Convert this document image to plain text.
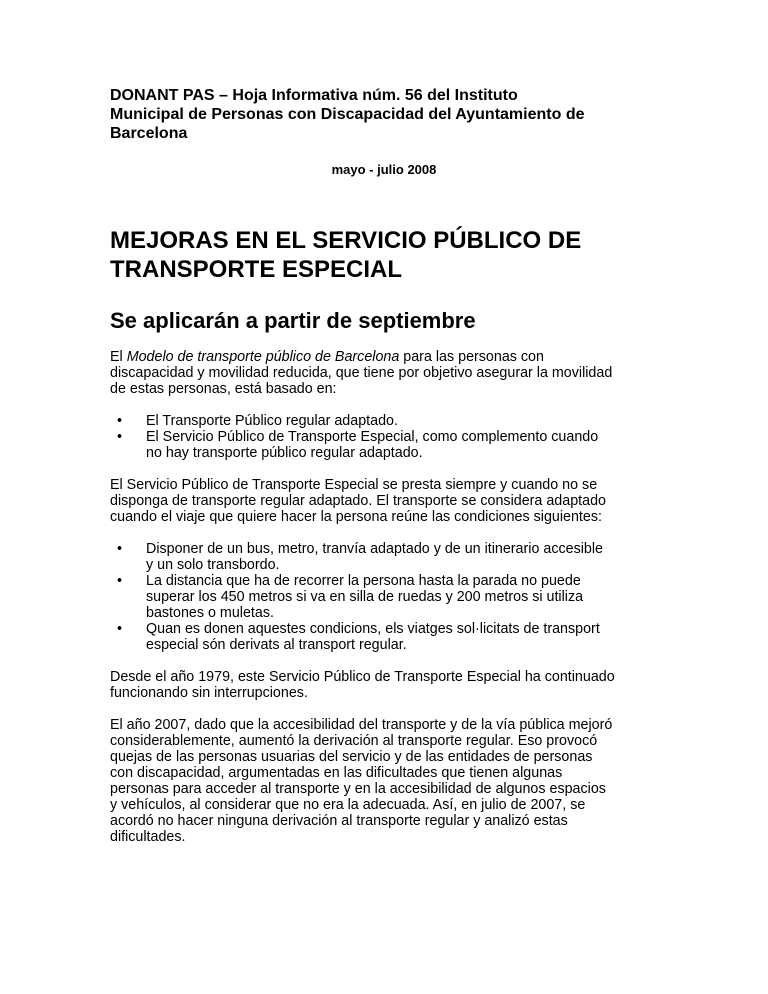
DONANT PAS – Hoja Informativa núm. 56 del Instituto
Municipal de Personas con Discapacidad del Ayuntamiento de
Barcelona
mayo - julio 2008
MEJORAS EN EL SERVICIO PÚBLICO DE
TRANSPORTE ESPECIAL
Se aplicarán a partir de septiembre

El Modelo de transporte público de Barcelona para las personas con
discapacidad y movilidad reducida, que tiene por objetivo asegurar la movilidad
de estas personas, está basado en:

• El Transporte Público regular adaptado.
• El Servicio Público de Transporte Especial, como complemento cuando
no hay transporte público regular adaptado.

El Servicio Público de Transporte Especial se presta siempre y cuando no se
disponga de transporte regular adaptado. El transporte se considera adaptado
cuando el viaje que quiere hacer la persona reúne las condiciones siguientes:

• Disponer de un bus, metro, tranvía adaptado y de un itinerario accesible
y un solo transbordo.
• La distancia que ha de recorrer la persona hasta la parada no puede
superar los 450 metros si va en silla de ruedas y 200 metros si utiliza
bastones o muletas.
• Quan es donen aquestes condicions, els viatges sol·licitats de transport
especial són derivats al transport regular.

Desde el año 1979, este Servicio Público de Transporte Especial ha continuado
funcionando sin interrupciones.

El año 2007, dado que la accesibilidad del transporte y de la vía pública mejoró
considerablemente, aumentó la derivación al transporte regular. Eso provocó
quejas de las personas usuarias del servicio y de las entidades de personas
con discapacidad, argumentadas en las dificultades que tienen algunas
personas para acceder al transporte y en la accesibilidad de algunos espacios
y vehículos, al considerar que no era la adecuada. Así, en julio de 2007, se
acordó no hacer ninguna derivación al transporte regular y analizó estas
dificultades.
